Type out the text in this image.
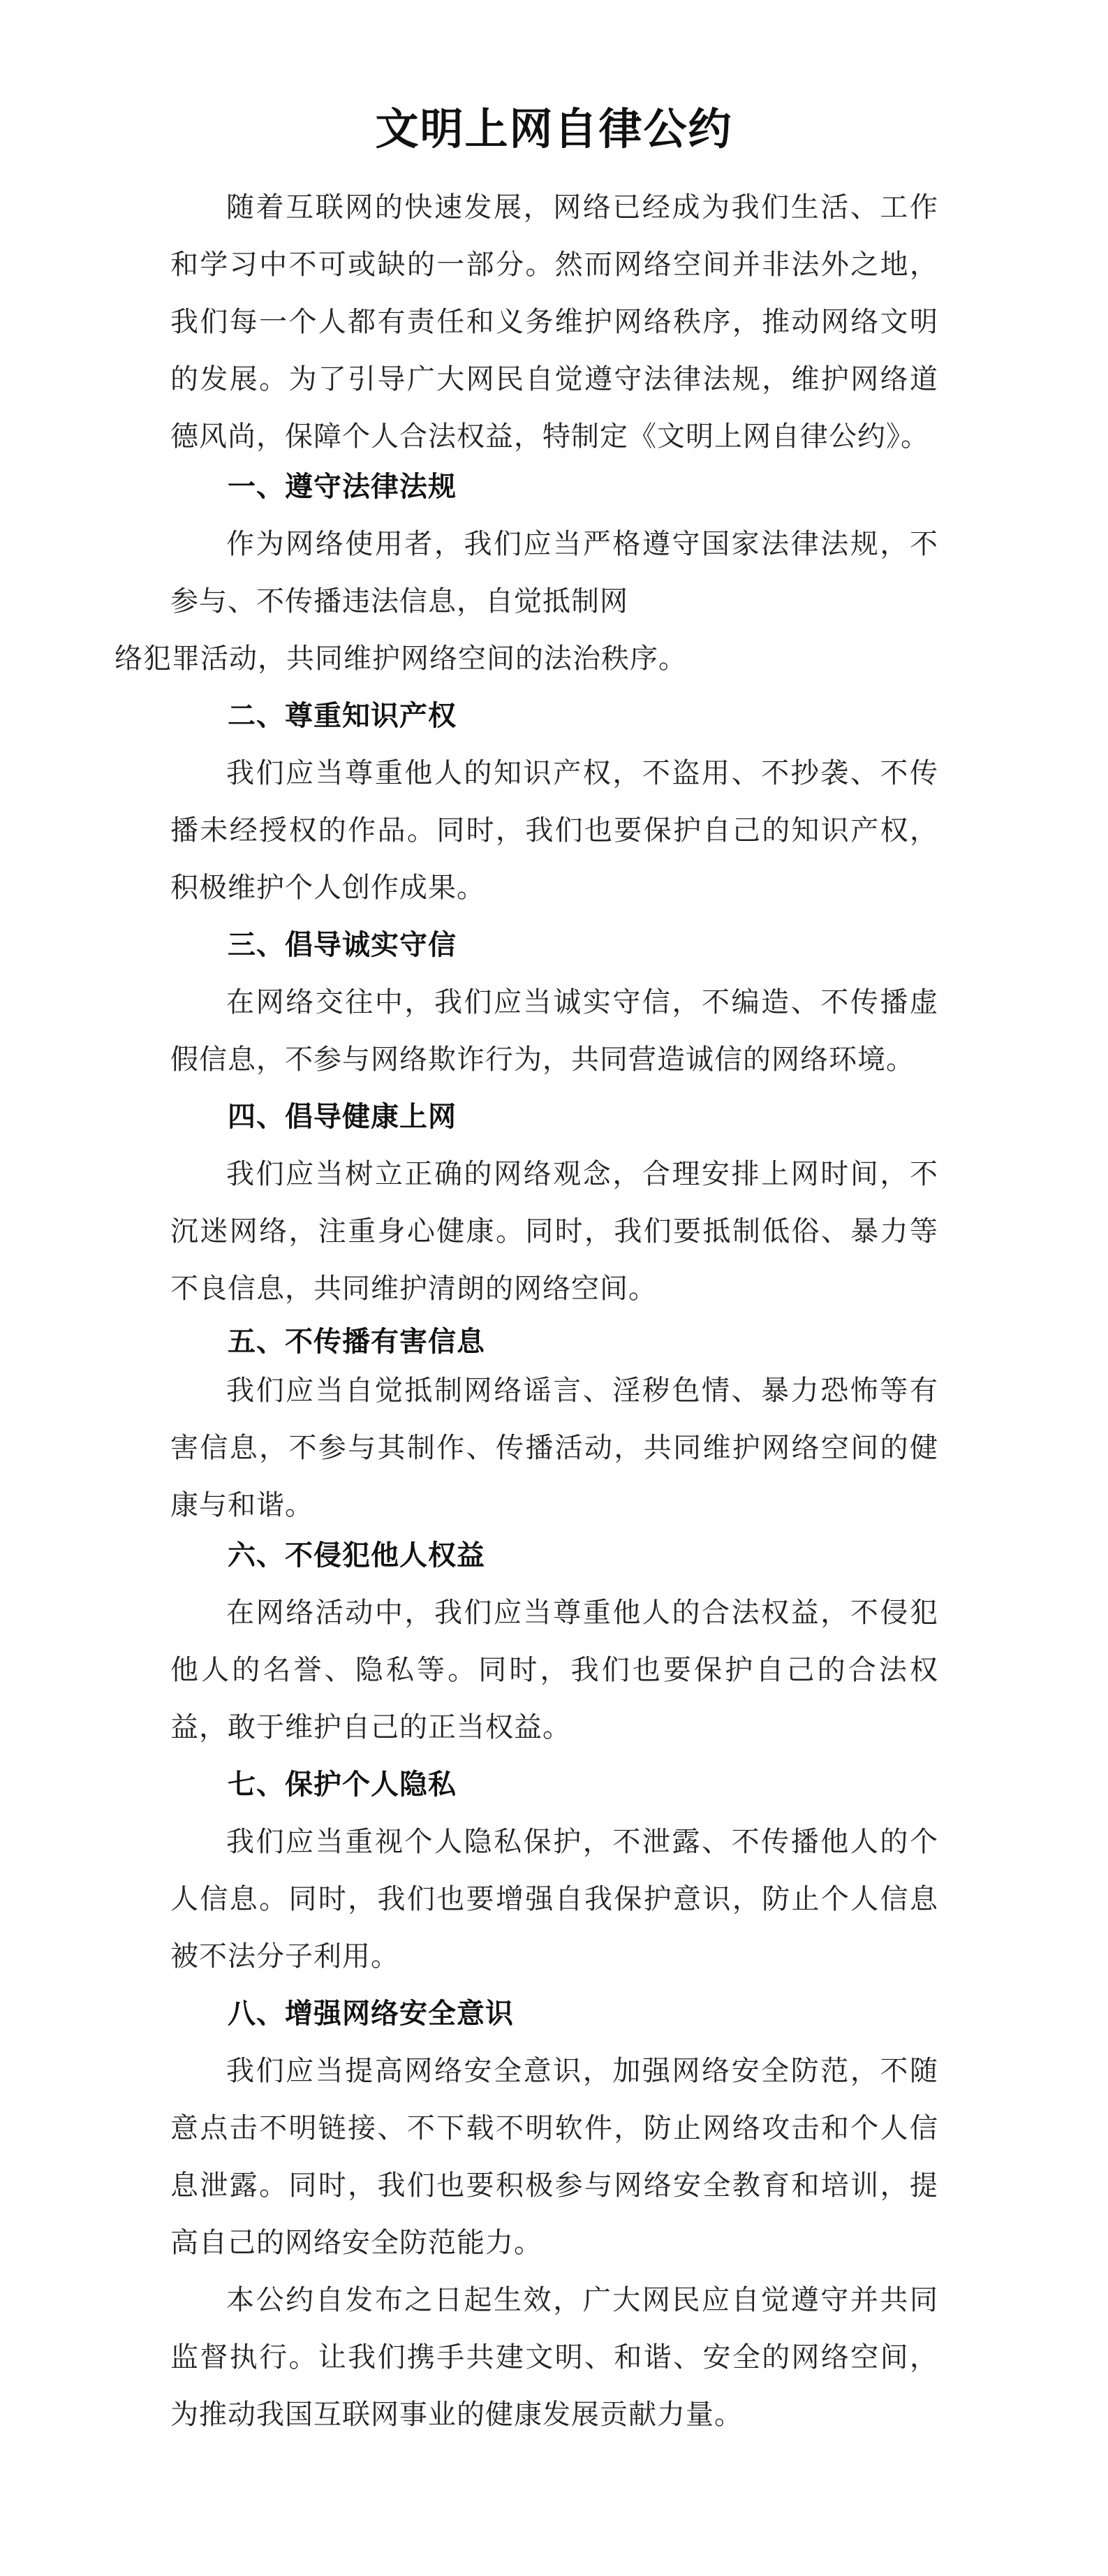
文明上网自律公约

随着互联网的快速发展，网络已经成为我们生活、工作和学习中不可或缺的一部分。然而网络空间并非法外之地，我们每一个人都有责任和义务维护网络秩序，推动网络文明的发展。为了引导广大网民自觉遵守法律法规，维护网络道德风尚，保障个人合法权益，特制定《文明上网自律公约》。

一、遵守法律法规

作为网络使用者，我们应当严格遵守国家法律法规，不参与、不传播违法信息，自觉抵制网
络犯罪活动，共同维护网络空间的法治秩序。

二、尊重知识产权

我们应当尊重他人的知识产权，不盗用、不抄袭、不传播未经授权的作品。同时，我们也要保护自己的知识产权，积极维护个人创作成果。

三、倡导诚实守信

在网络交往中，我们应当诚实守信，不编造、不传播虚假信息，不参与网络欺诈行为，共同营造诚信的网络环境。

四、倡导健康上网

我们应当树立正确的网络观念，合理安排上网时间，不沉迷网络，注重身心健康。同时，我们要抵制低俗、暴力等不良信息，共同维护清朗的网络空间。

五、不传播有害信息

我们应当自觉抵制网络谣言、淫秽色情、暴力恐怖等有害信息，不参与其制作、传播活动，共同维护网络空间的健康与和谐。

六、不侵犯他人权益

在网络活动中，我们应当尊重他人的合法权益，不侵犯他人的名誉、隐私等。同时，我们也要保护自己的合法权益，敢于维护自己的正当权益。

七、保护个人隐私

我们应当重视个人隐私保护，不泄露、不传播他人的个人信息。同时，我们也要增强自我保护意识，防止个人信息被不法分子利用。

八、增强网络安全意识

我们应当提高网络安全意识，加强网络安全防范，不随意点击不明链接、不下载不明软件，防止网络攻击和个人信息泄露。同时，我们也要积极参与网络安全教育和培训，提高自己的网络安全防范能力。

本公约自发布之日起生效，广大网民应自觉遵守并共同监督执行。让我们携手共建文明、和谐、安全的网络空间，为推动我国互联网事业的健康发展贡献力量。
